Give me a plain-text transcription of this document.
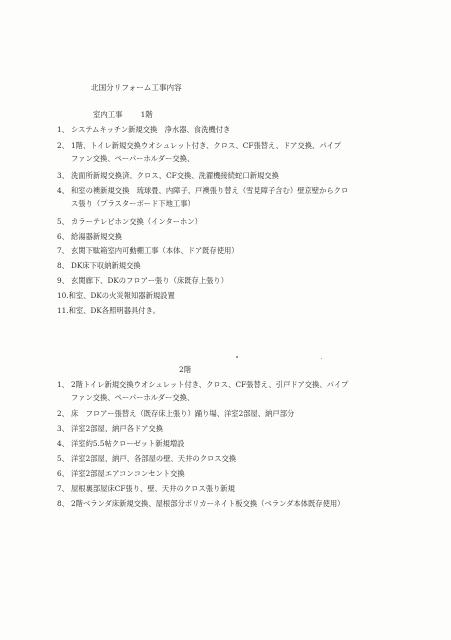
北国分リフォーム工事内容
室内工事 1階
1、 システムキッチン新規交換　浄水器、食洗機付き
2、 1階、トイレ新規交換ウオシュレット付き、クロス、CF張替え、ドア交換、パイプ
ファン交換、ペーパーホルダー交換、
3、 洗面所新規交換済、クロス、CF交換、洗濯機接続蛇口新規交換
4、 和室の襖新規交換　琉球畳、内障子、戸襖張り替え（雪見障子含む）壁京壁からクロ
ス張り（プラスターボード下地工事）
5、 カラーテレビホン交換（インターホン）
6、 給湯器新規交換
7、 玄関下駄箱室内可動棚工事（本体、ドア既存使用）
8、 DK床下収納新規交換
9、 玄関廊下、DKのフロアー張り（床既存上張り）
10.和室、DKの火災報知器新規設置
11.和室、DK各照明器具付き。
2階
1、 2階トイレ新規交換ウオシュレット付き、クロス、CF張替え、引戸ドア交換、パイプ
ファン交換、ペーパーホルダー交換、
2、 床　フロアー張替え（既存床上張り）踊り場、洋室2部屋、納戸部分
3、 洋室2部屋、納戸各ドア交換
4、 洋室約5.5帖クローゼット新規増設
5、 洋室2部屋、納戸、各部屋の壁、天井のクロス交換
6、 洋室2部屋エアコンコンセント交換
7、 屋根裏部屋床CF張り、壁、天井のクロス張り新規
8、 2階ベランダ床新規交換、屋根部分ポリカーネイト板交換（ベランダ本体既存使用）
